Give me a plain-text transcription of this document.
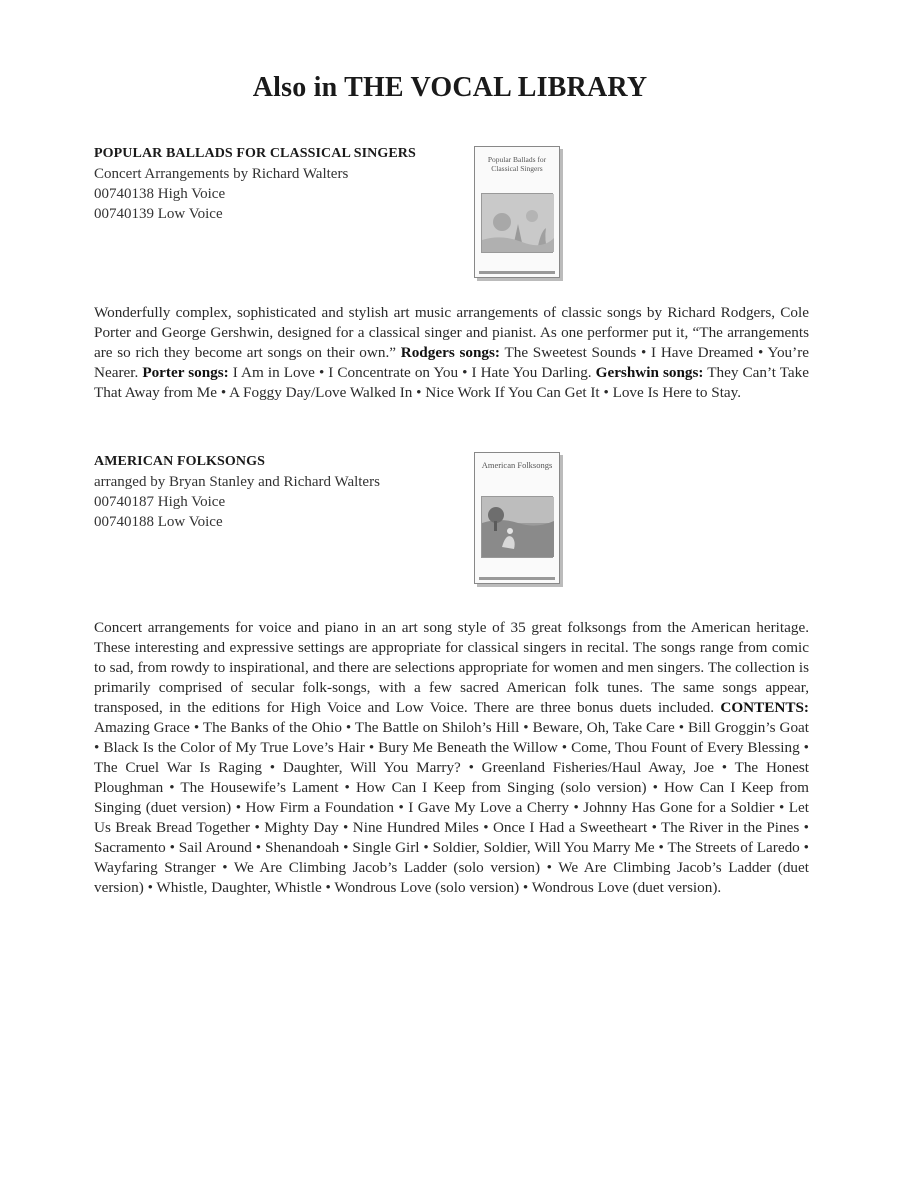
Also in THE VOCAL LIBRARY
POPULAR BALLADS FOR CLASSICAL SINGERS
Concert Arrangements by Richard Walters
00740138 High Voice
00740139 Low Voice
Popular Ballads for Classical Singers

Wonderfully complex, sophisticated and stylish art music arrangements of classic songs by Richard Rodgers, Cole Porter and George Gershwin, designed for a classical singer and pianist. As one performer put it, “The arrangements are so rich they become art songs on their own.” Rodgers songs: The Sweetest Sounds • I Have Dreamed • You’re Nearer. Porter songs: I Am in Love • I Concentrate on You • I Hate You Darling. Gershwin songs: They Can’t Take That Away from Me • A Foggy Day/Love Walked In • Nice Work If You Can Get It • Love Is Here to Stay.

AMERICAN FOLKSONGS
arranged by Bryan Stanley and Richard Walters
00740187 High Voice
00740188 Low Voice
American Folksongs

Concert arrangements for voice and piano in an art song style of 35 great folksongs from the American heritage. These interesting and expressive settings are appropriate for classical singers in recital. The songs range from comic to sad, from rowdy to inspirational, and there are selections appropriate for women and men singers. The collection is primarily comprised of secular folk-songs, with a few sacred American folk tunes. The same songs appear, transposed, in the editions for High Voice and Low Voice. There are three bonus duets included. CONTENTS: Amazing Grace • The Banks of the Ohio • The Battle on Shiloh’s Hill • Beware, Oh, Take Care • Bill Groggin’s Goat • Black Is the Color of My True Love’s Hair • Bury Me Beneath the Willow • Come, Thou Fount of Every Blessing • The Cruel War Is Raging • Daughter, Will You Marry? • Greenland Fisheries/Haul Away, Joe • The Honest Ploughman • The Housewife’s Lament • How Can I Keep from Singing (solo version) • How Can I Keep from Singing (duet version) • How Firm a Foundation • I Gave My Love a Cherry • Johnny Has Gone for a Soldier • Let Us Break Bread Together • Mighty Day • Nine Hundred Miles • Once I Had a Sweetheart • The River in the Pines • Sacramento • Sail Around • Shenandoah • Single Girl • Soldier, Soldier, Will You Marry Me • The Streets of Laredo • Wayfaring Stranger • We Are Climbing Jacob’s Ladder (solo version) • We Are Climbing Jacob’s Ladder (duet version) • Whistle, Daughter, Whistle • Wondrous Love (solo version) • Wondrous Love (duet version).
